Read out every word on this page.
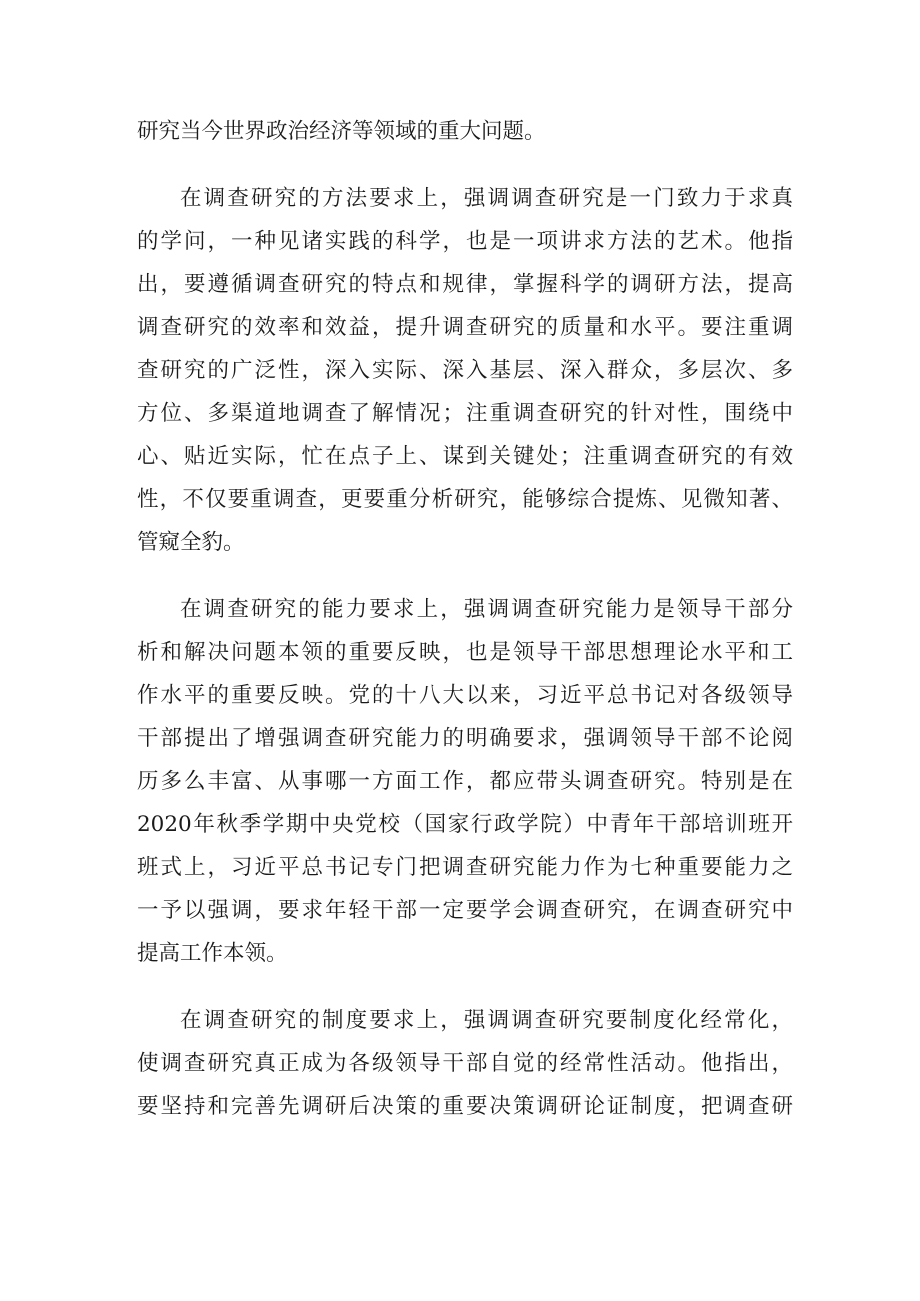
研究当今世界政治经济等领域的重大问题。
在调查研究的方法要求上，强调调查研究是一门致力于求真
的学问，一种见诸实践的科学，也是一项讲求方法的艺术。他指
出，要遵循调查研究的特点和规律，掌握科学的调研方法，提高
调查研究的效率和效益，提升调查研究的质量和水平。要注重调
查研究的广泛性，深入实际、深入基层、深入群众，多层次、多
方位、多渠道地调查了解情况；注重调查研究的针对性，围绕中
心、贴近实际，忙在点子上、谋到关键处；注重调查研究的有效
性，不仅要重调查，更要重分析研究，能够综合提炼、见微知著、
管窥全豹。
在调查研究的能力要求上，强调调查研究能力是领导干部分
析和解决问题本领的重要反映，也是领导干部思想理论水平和工
作水平的重要反映。党的十八大以来，习近平总书记对各级领导
干部提出了增强调查研究能力的明确要求，强调领导干部不论阅
历多么丰富、从事哪一方面工作，都应带头调查研究。特别是在
2020年秋季学期中央党校（国家行政学院）中青年干部培训班开
班式上，习近平总书记专门把调查研究能力作为七种重要能力之
一予以强调，要求年轻干部一定要学会调查研究，在调查研究中
提高工作本领。
在调查研究的制度要求上，强调调查研究要制度化经常化，
使调查研究真正成为各级领导干部自觉的经常性活动。他指出，
要坚持和完善先调研后决策的重要决策调研论证制度，把调查研
